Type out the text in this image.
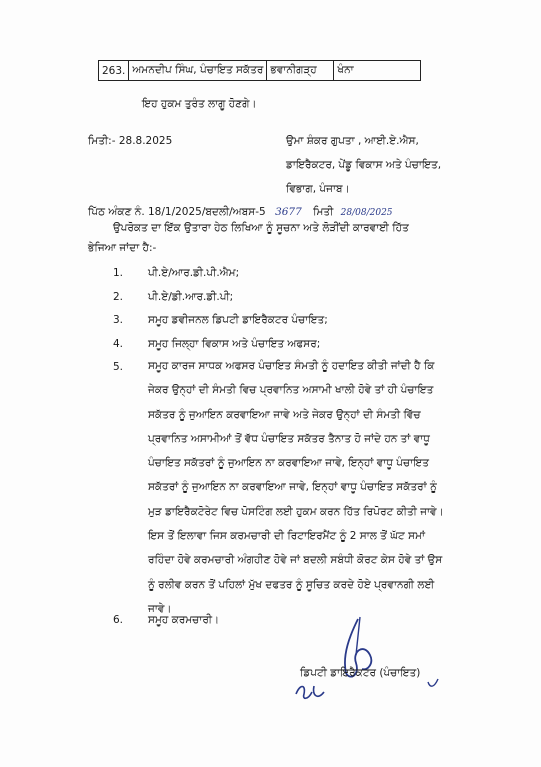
263.	ਅਮਨਦੀਪ ਸਿੰਘ, ਪੰਚਾਇਤ ਸਕੱਤਰ	ਭਵਾਨੀਗੜ੍ਹ	ਖੰਨਾ
ਇਹ ਹੁਕਮ ਤੁਰੰਤ ਲਾਗੂ ਹੋਣਗੇ।
ਮਿਤੀ:- 28.8.2025	ਉਮਾ ਸ਼ੰਕਰ ਗੁਪਤਾ , ਆਈ.ਏ.ਐਸ,
ਡਾਇਰੈਕਟਰ, ਪੇਂਡੂ ਵਿਕਾਸ ਅਤੇ ਪੰਚਾਇਤ,
ਵਿਭਾਗ, ਪੰਜਾਬ।
ਪਿੱਠ ਅੰਕਣ ਨੰ. 18/1/2025/ਬਦਲੀ/ਅਬਸ-5 3677 ਮਿਤੀ 28/08/2025
ਉਪਰੋਕਤ ਦਾ ਇੱਕ ਉਤਾਰਾ ਹੇਠ ਲਿਖਿਆ ਨੂੰ ਸੂਚਨਾ ਅਤੇ ਲੋੜੀਂਦੀ ਕਾਰਵਾਈ ਹਿੱਤ
ਭੇਜਿਆ ਜਾਂਦਾ ਹੈ:-
1. ਪੀ.ਏ/ਆਰ.ਡੀ.ਪੀ.ਐਮ;
2. ਪੀ.ਏ/ਡੀ.ਆਰ.ਡੀ.ਪੀ;
3. ਸਮੂਹ ਡਵੀਜਨਲ ਡਿਪਟੀ ਡਾਇਰੈਕਟਰ ਪੰਚਾਇਤ;
4. ਸਮੂਹ ਜਿਲ੍ਹਾ ਵਿਕਾਸ ਅਤੇ ਪੰਚਾਇਤ ਅਫਸਰ;
5. ਸਮੂਹ ਕਾਰਜ ਸਾਧਕ ਅਫਸਰ ਪੰਚਾਇਤ ਸੰਮਤੀ ਨੂੰ ਹਦਾਇਤ ਕੀਤੀ ਜਾਂਦੀ ਹੈ ਕਿ
ਜੇਕਰ ਉਨ੍ਹਾਂ ਦੀ ਸੰਮਤੀ ਵਿਚ ਪ੍ਰਵਾਨਿਤ ਅਸਾਮੀ ਖਾਲੀ ਹੋਵੇ ਤਾਂ ਹੀ ਪੰਚਾਇਤ
ਸਕੱਤਰ ਨੂੰ ਜੁਆਇਨ ਕਰਵਾਇਆ ਜਾਵੇ ਅਤੇ ਜੇਕਰ ਉਨ੍ਹਾਂ ਦੀ ਸੰਮਤੀ ਵਿੱਚ
ਪ੍ਰਵਾਨਿਤ ਅਸਾਮੀਆਂ ਤੋਂ ਵੱਧ ਪੰਚਾਇਤ ਸਕੱਤਰ ਤੈਨਾਤ ਹੋ ਜਾਂਦੇ ਹਨ ਤਾਂ ਵਾਧੂ
ਪੰਚਾਇਤ ਸਕੱਤਰਾਂ ਨੂੰ ਜੁਆਇਨ ਨਾ ਕਰਵਾਇਆ ਜਾਵੇ, ਇਨ੍ਹਾਂ ਵਾਧੂ ਪੰਚਾਇਤ
ਸਕੱਤਰਾਂ ਨੂੰ ਜੁਆਇਨ ਨਾ ਕਰਵਾਇਆ ਜਾਵੇ, ਇਨ੍ਹਾਂ ਵਾਧੂ ਪੰਚਾਇਤ ਸਕੱਤਰਾਂ ਨੂੰ
ਮੁੜ ਡਾਇਰੈਕਟੋਰੇਟ ਵਿਚ ਪੋਸਟਿੰਗ ਲਈ ਹੁਕਮ ਕਰਨ ਹਿੱਤ ਰਿਪੋਰਟ ਕੀਤੀ ਜਾਵੇ।
ਇਸ ਤੋਂ ਇਲਾਵਾ ਜਿਸ ਕਰਮਚਾਰੀ ਦੀ ਰਿਟਾਇਰਮੈਂਟ ਨੂੰ 2 ਸਾਲ ਤੋਂ ਘੱਟ ਸਮਾਂ
ਰਹਿੰਦਾ ਹੋਵੇ ਕਰਮਚਾਰੀ ਅੰਗਹੀਣ ਹੋਵੇ ਜਾਂ ਬਦਲੀ ਸਬੰਧੀ ਕੋਰਟ ਕੇਸ ਹੋਵੇ ਤਾਂ ਉਸ
ਨੂੰ ਰਲੀਵ ਕਰਨ ਤੋਂ ਪਹਿਲਾਂ ਮੁੱਖ ਦਫਤਰ ਨੂੰ ਸੂਚਿਤ ਕਰਦੇ ਹੋਏ ਪ੍ਰਵਾਨਗੀ ਲਈ
ਜਾਵੇ।
6. ਸਮੂਹ ਕਰਮਚਾਰੀ।
ਡਿਪਟੀ ਡਾਇਰੈਕਟਰ (ਪੰਚਾਇਤ)
